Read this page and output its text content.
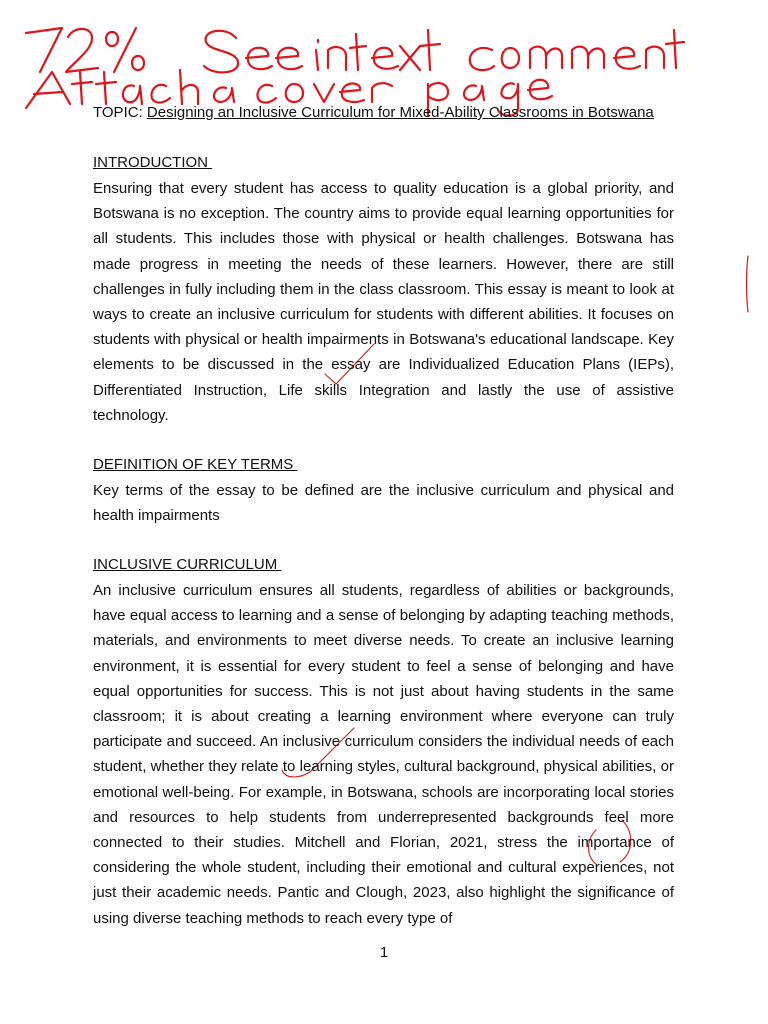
TOPIC: Designing an Inclusive Curriculum for Mixed-Ability Classrooms in Botswana
INTRODUCTION

Ensuring that every student has access to quality education is a global priority, and Botswana is no exception. The country aims to provide equal learning opportunities for all students. This includes those with physical or health challenges. Botswana has made progress in meeting the needs of these learners. However, there are still challenges in fully including them in the class classroom. This essay is meant to look at ways to create an inclusive curriculum for students with different abilities. It focuses on students with physical or health impairments in Botswana's educational landscape. Key elements to be discussed in the essay are Individualized Education Plans (IEPs), Differentiated Instruction, Life skills Integration and lastly the use of assistive technology.

DEFINITION OF KEY TERMS

Key terms of the essay to be defined are the inclusive curriculum and physical and health impairments

INCLUSIVE CURRICULUM

An inclusive curriculum ensures all students, regardless of abilities or backgrounds, have equal access to learning and a sense of belonging by adapting teaching methods, materials, and environments to meet diverse needs. To create an inclusive learning environment, it is essential for every student to feel a sense of belonging and have equal opportunities for success. This is not just about having students in the same classroom; it is about creating a learning environment where everyone can truly participate and succeed. An inclusive curriculum considers the individual needs of each student, whether they relate to learning styles, cultural background, physical abilities, or emotional well-being. For example, in Botswana, schools are incorporating local stories and resources to help students from underrepresented backgrounds feel more connected to their studies. Mitchell and Florian, 2021, stress the importance of considering the whole student, including their emotional and cultural experiences, not just their academic needs. Pantic and Clough, 2023, also highlight the significance of using diverse teaching methods to reach every type of

1
